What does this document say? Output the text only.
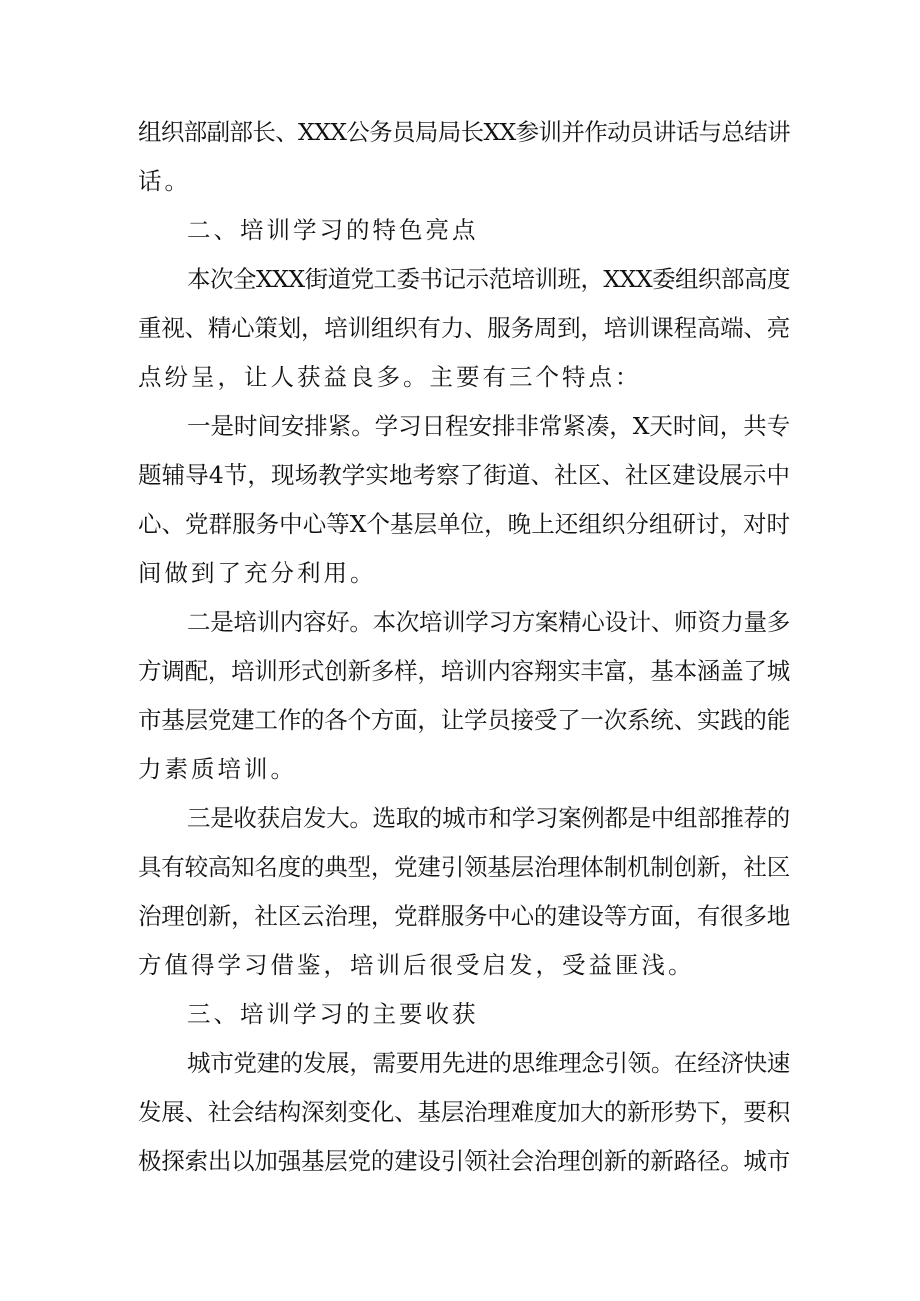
组织部副部长、XXX公务员局局长XX参训并作动员讲话与总结讲
话。
二、培训学习的特色亮点
本次全XXX街道党工委书记示范培训班，XXX委组织部高度
重视、精心策划，培训组织有力、服务周到，培训课程高端、亮
点纷呈，让人获益良多。主要有三个特点：
一是时间安排紧。学习日程安排非常紧凑，X天时间，共专
题辅导4节，现场教学实地考察了街道、社区、社区建设展示中
心、党群服务中心等X个基层单位，晚上还组织分组研讨，对时
间做到了充分利用。
二是培训内容好。本次培训学习方案精心设计、师资力量多
方调配，培训形式创新多样，培训内容翔实丰富，基本涵盖了城
市基层党建工作的各个方面，让学员接受了一次系统、实践的能
力素质培训。
三是收获启发大。选取的城市和学习案例都是中组部推荐的
具有较高知名度的典型，党建引领基层治理体制机制创新，社区
治理创新，社区云治理，党群服务中心的建设等方面，有很多地
方值得学习借鉴，培训后很受启发，受益匪浅。
三、培训学习的主要收获
城市党建的发展，需要用先进的思维理念引领。在经济快速
发展、社会结构深刻变化、基层治理难度加大的新形势下，要积
极探索出以加强基层党的建设引领社会治理创新的新路径。城市
